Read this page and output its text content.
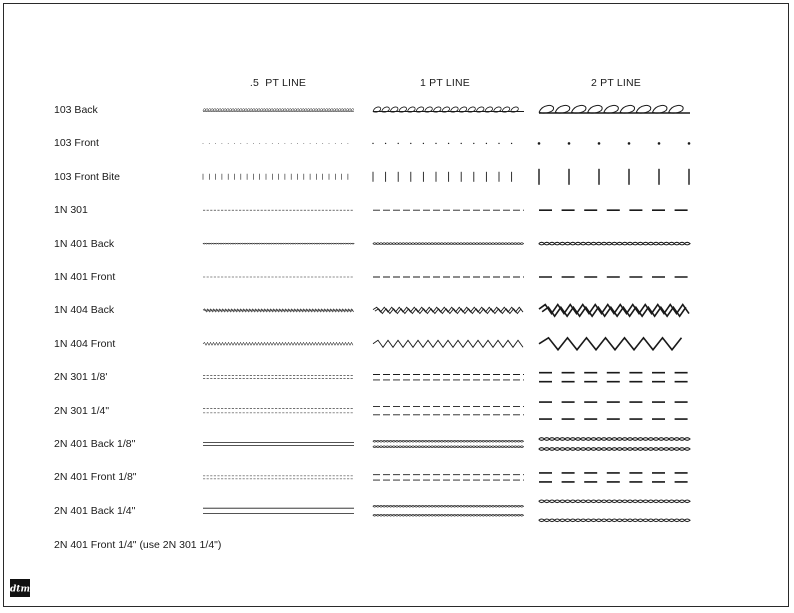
.5  PT LINE	1 PT LINE	2 PT LINE
103 Back
103 Front
103 Front Bite
1N 301
1N 401 Back
1N 401 Front
1N 404 Back
1N 404 Front
2N 301 1/8'
2N 301 1/4"
2N 401 Back 1/8"
2N 401 Front 1/8"
2N 401 Back 1/4"
2N 401 Front 1/4" (use 2N 301 1/4")
dtm
